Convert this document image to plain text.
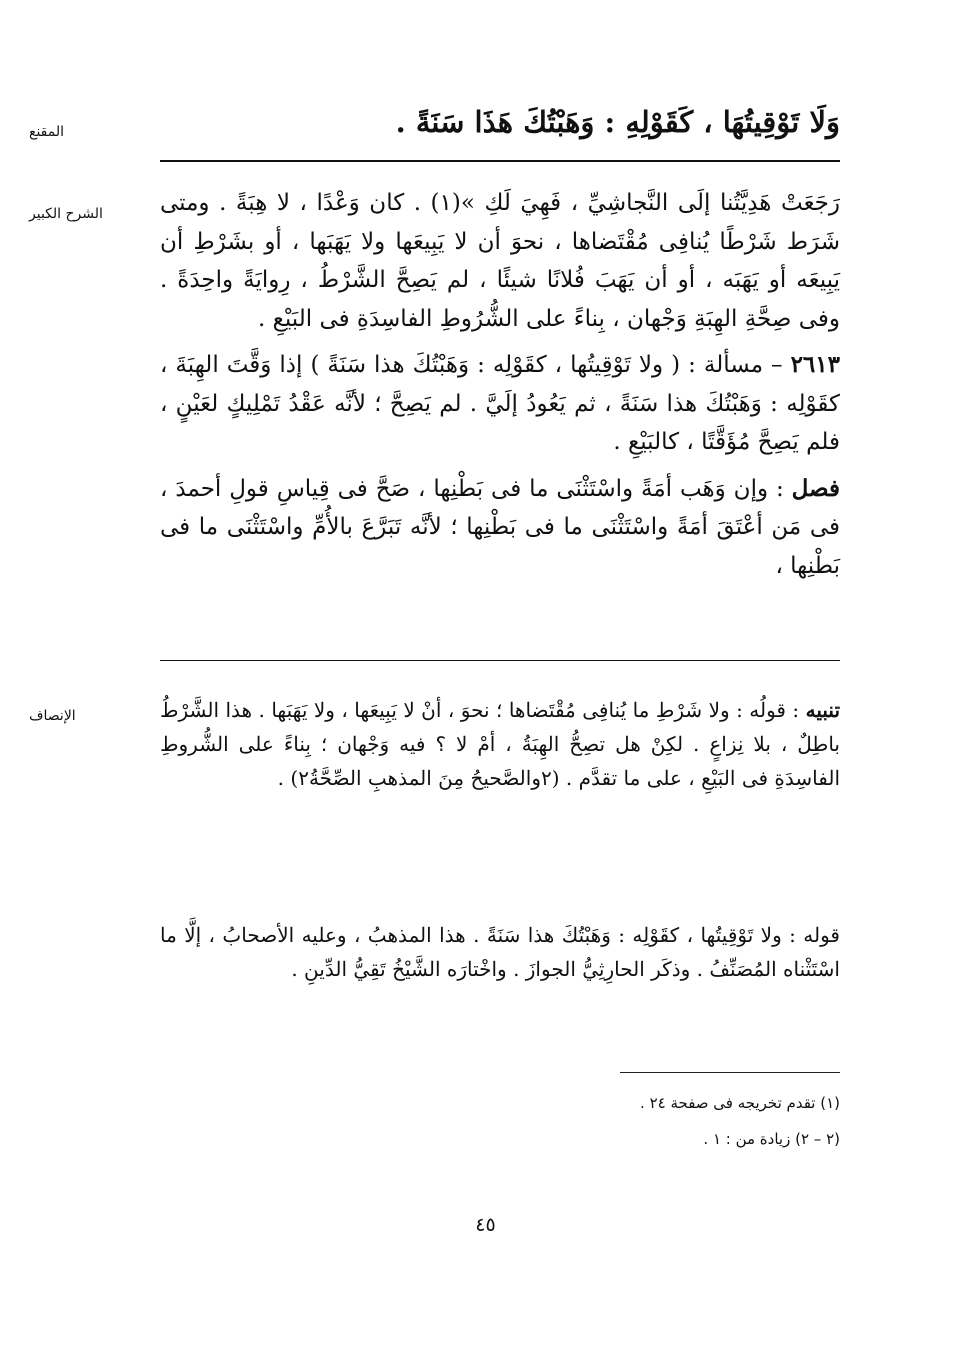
المقنع	وَلَا تَوْقِيتُهَا ، كَقَوْلِهِ : وَهَبْتُكَ هَذَا سَنَةً .
الشرح الكبير	رَجَعَتْ هَدِيَّتُنا إلَى النَّجاشِيِّ ، فَهِيَ لَكِ »(١) . كان وَعْدًا ، لا هِبَةً . ومتى شَرَط شَرْطًا يُنافِى مُقْتَضاها ، نحوَ أن لا يَبِيعَها ولا يَهَبَها ، أو بشَرْطِ أن يَبِيعَه أو يَهَبَه ، أو أن يَهَبَ فُلانًا شيئًا ، لم يَصِحَّ الشَّرْطُ ، رِوايَةً واحِدَةً . وفى صِحَّةِ الهِبَةِ وَجْهان ، بِناءً على الشُّرُوطِ الفاسِدَةِ فى البَيْعِ .
٢٦١٣ – مسألة : ( ولا تَوْقِيتُها ، كقَوْلِه : وَهَبْتُكَ هذا سَنَةً ) إذا وَقَّتَ الهِبَةَ ، كقَوْلِه : وَهَبْتُكَ هذا سَنَةً ، ثم يَعُودُ إلَيَّ . لم يَصِحَّ ؛ لأنَّه عَقْدُ تَمْلِيكٍ لعَيْنٍ ، فلم يَصِحَّ مُؤَقَّتًا ، كالبَيْعِ .
فصل : وإن وَهَب أمَةً واسْتَثْنَى ما فى بَطْنِها ، صَحَّ فى قِياسِ قولِ أحمدَ ، فى مَن أعْتَقَ أمَةً واسْتَثْنَى ما فى بَطْنِها ؛ لأنَّه تَبَرَّعَ بالأُمِّ واسْتَثْنَى ما فى بَطْنِها ،
الإنصاف	تنبيه : قولُه : ولا شَرْطِ ما يُنافِى مُقْتَضاها ؛ نحوَ ، أنْ لا يَبِيعَها ، ولا يَهَبَها . هذا الشَّرْطُ باطِلٌ ، بلا نِزاعٍ . لكِنْ هل تصِحُّ الهِبَةُ ، أمْ لا ؟ فيه وَجْهان ؛ بِناءً على الشُّروطِ الفاسِدَةِ فى البَيْعِ ، على ما تقدَّم . (٢والصَّحيحُ مِنَ المذهبِ الصِّحَّةُ٢) .
قوله : ولا تَوْقِيتُها ، كقَوْلِه : وَهَبْتُكَ هذا سَنَةً . هذا المذهبُ ، وعليه الأصحابُ ، إلَّا ما اسْتَثْناه المُصَنِّفُ . وذكَر الحارِثِيُّ الجوازَ . واخْتارَه الشَّيْخُ تَقِيُّ الدِّينِ .
(١) تقدم تخريجه فى صفحة ٢٤ .
(٢ – ٢) زيادة من : ١ .
٤٥
